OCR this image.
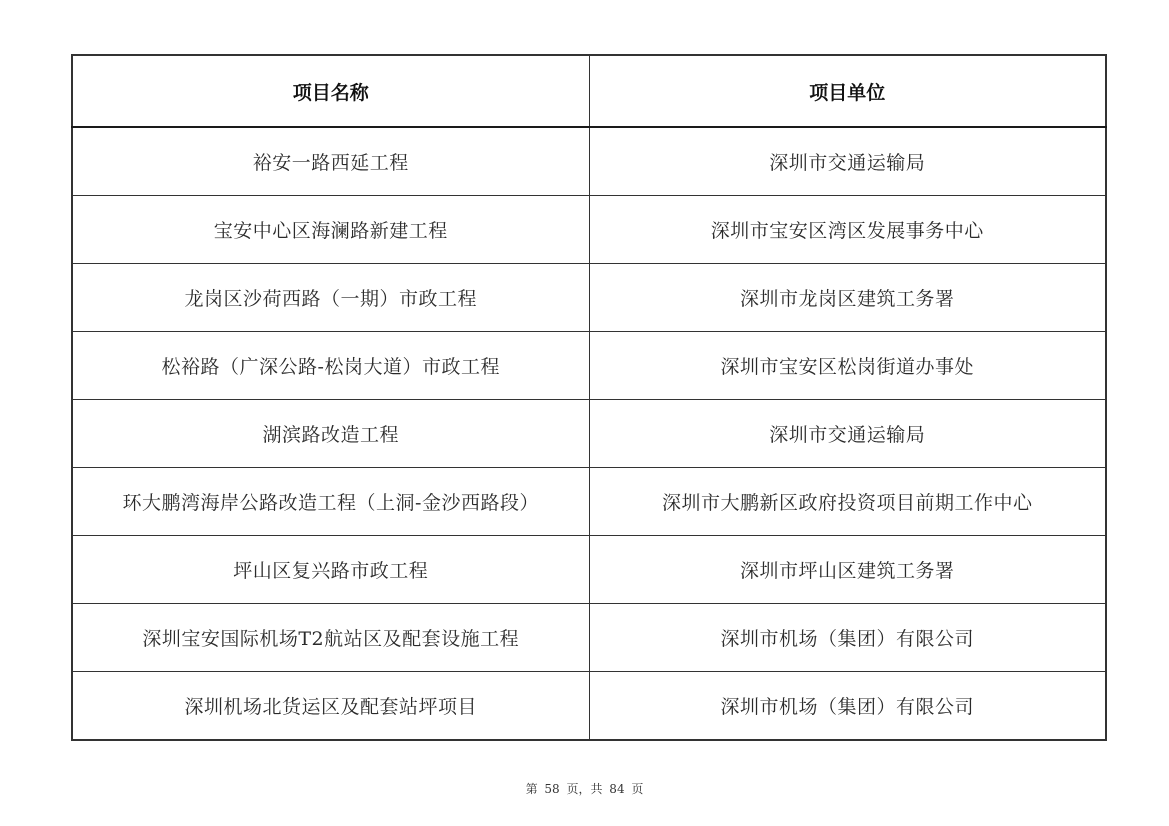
项目名称	项目单位
裕安一路西延工程	深圳市交通运输局
宝安中心区海澜路新建工程	深圳市宝安区湾区发展事务中心
龙岗区沙荷西路（一期）市政工程	深圳市龙岗区建筑工务署
松裕路（广深公路-松岗大道）市政工程	深圳市宝安区松岗街道办事处
湖滨路改造工程	深圳市交通运输局
环大鹏湾海岸公路改造工程（上洞-金沙西路段）	深圳市大鹏新区政府投资项目前期工作中心
坪山区复兴路市政工程	深圳市坪山区建筑工务署
深圳宝安国际机场T2航站区及配套设施工程	深圳市机场（集团）有限公司
深圳机场北货运区及配套站坪项目	深圳市机场（集团）有限公司
第 58 页，共 84 页
